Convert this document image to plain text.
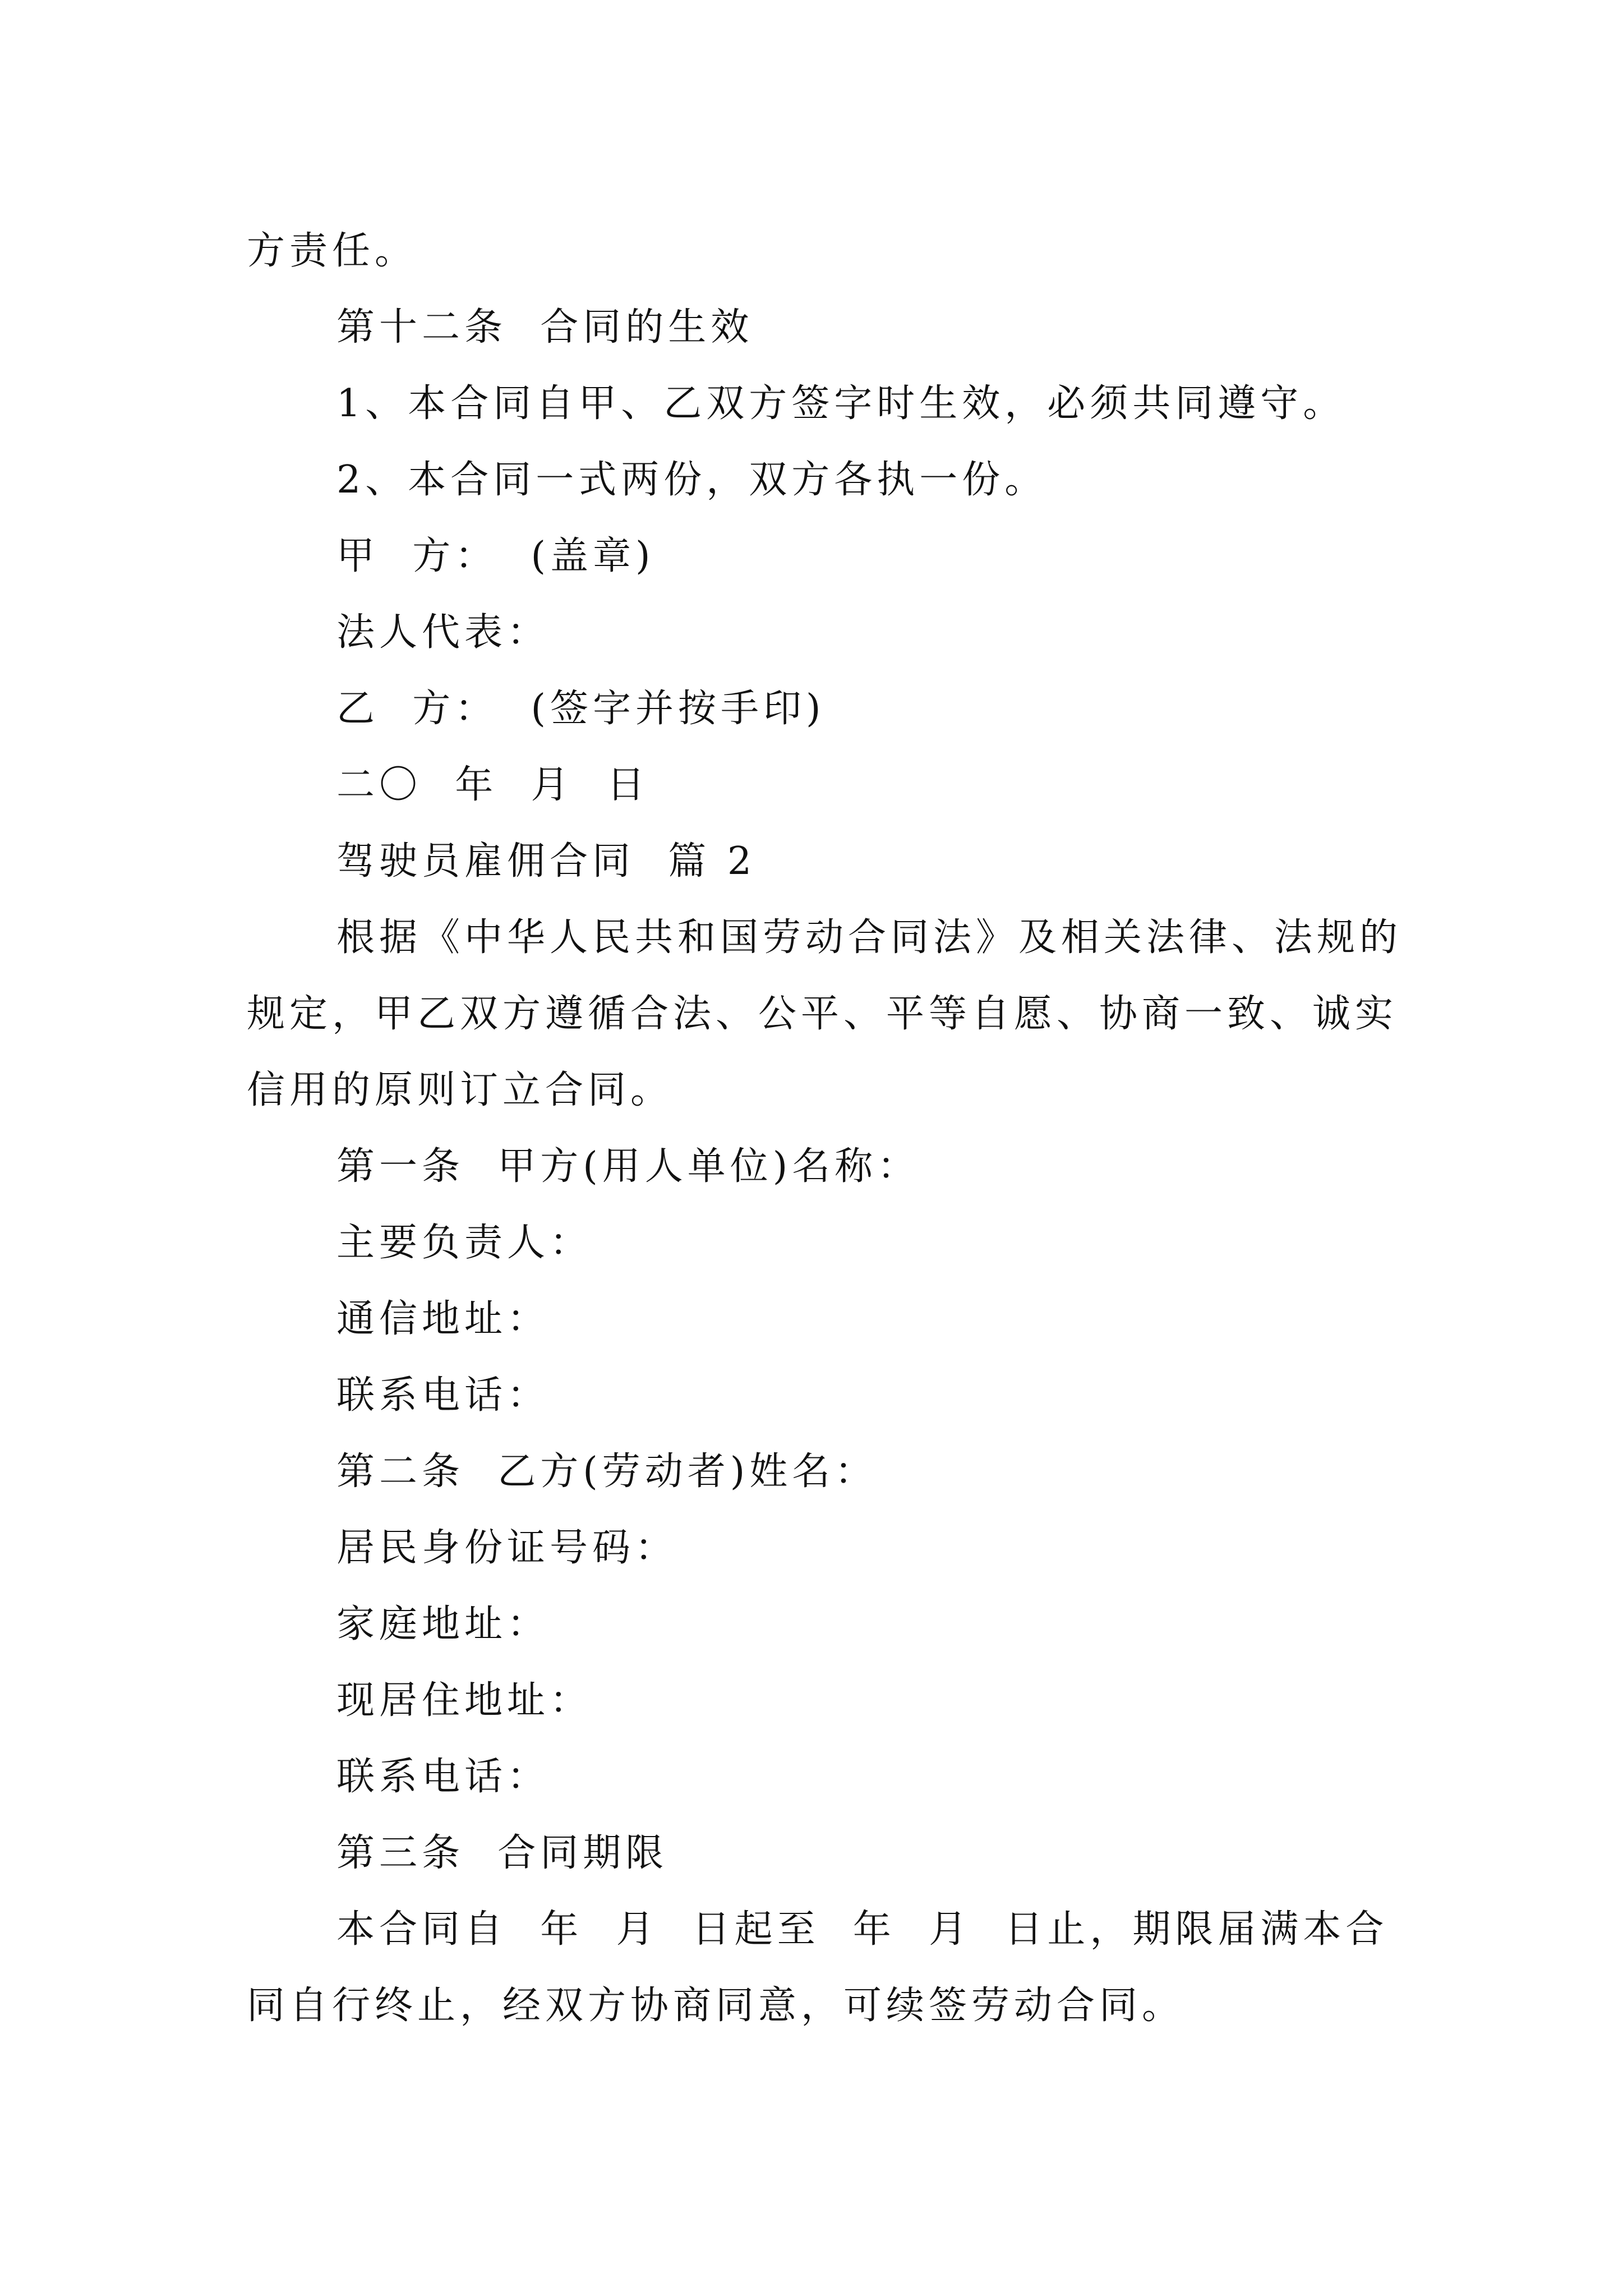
方责任。

第十二条  合同的生效

1、本合同自甲、乙双方签字时生效，必须共同遵守。

2、本合同一式两份，双方各执一份。

甲  方：  (盖章)

法人代表：

乙  方：  (签字并按手印)

二〇  年  月  日

驾驶员雇佣合同  篇 2

根据《中华人民共和国劳动合同法》及相关法律、法规的规定，甲乙双方遵循合法、公平、平等自愿、协商一致、诚实信用的原则订立合同。

第一条  甲方(用人单位)名称：

主要负责人：

通信地址：

联系电话：

第二条  乙方(劳动者)姓名：

居民身份证号码：

家庭地址：

现居住地址：

联系电话：

第三条  合同期限

本合同自  年  月  日起至  年  月  日止，期限届满本合同自行终止，经双方协商同意，可续签劳动合同。
